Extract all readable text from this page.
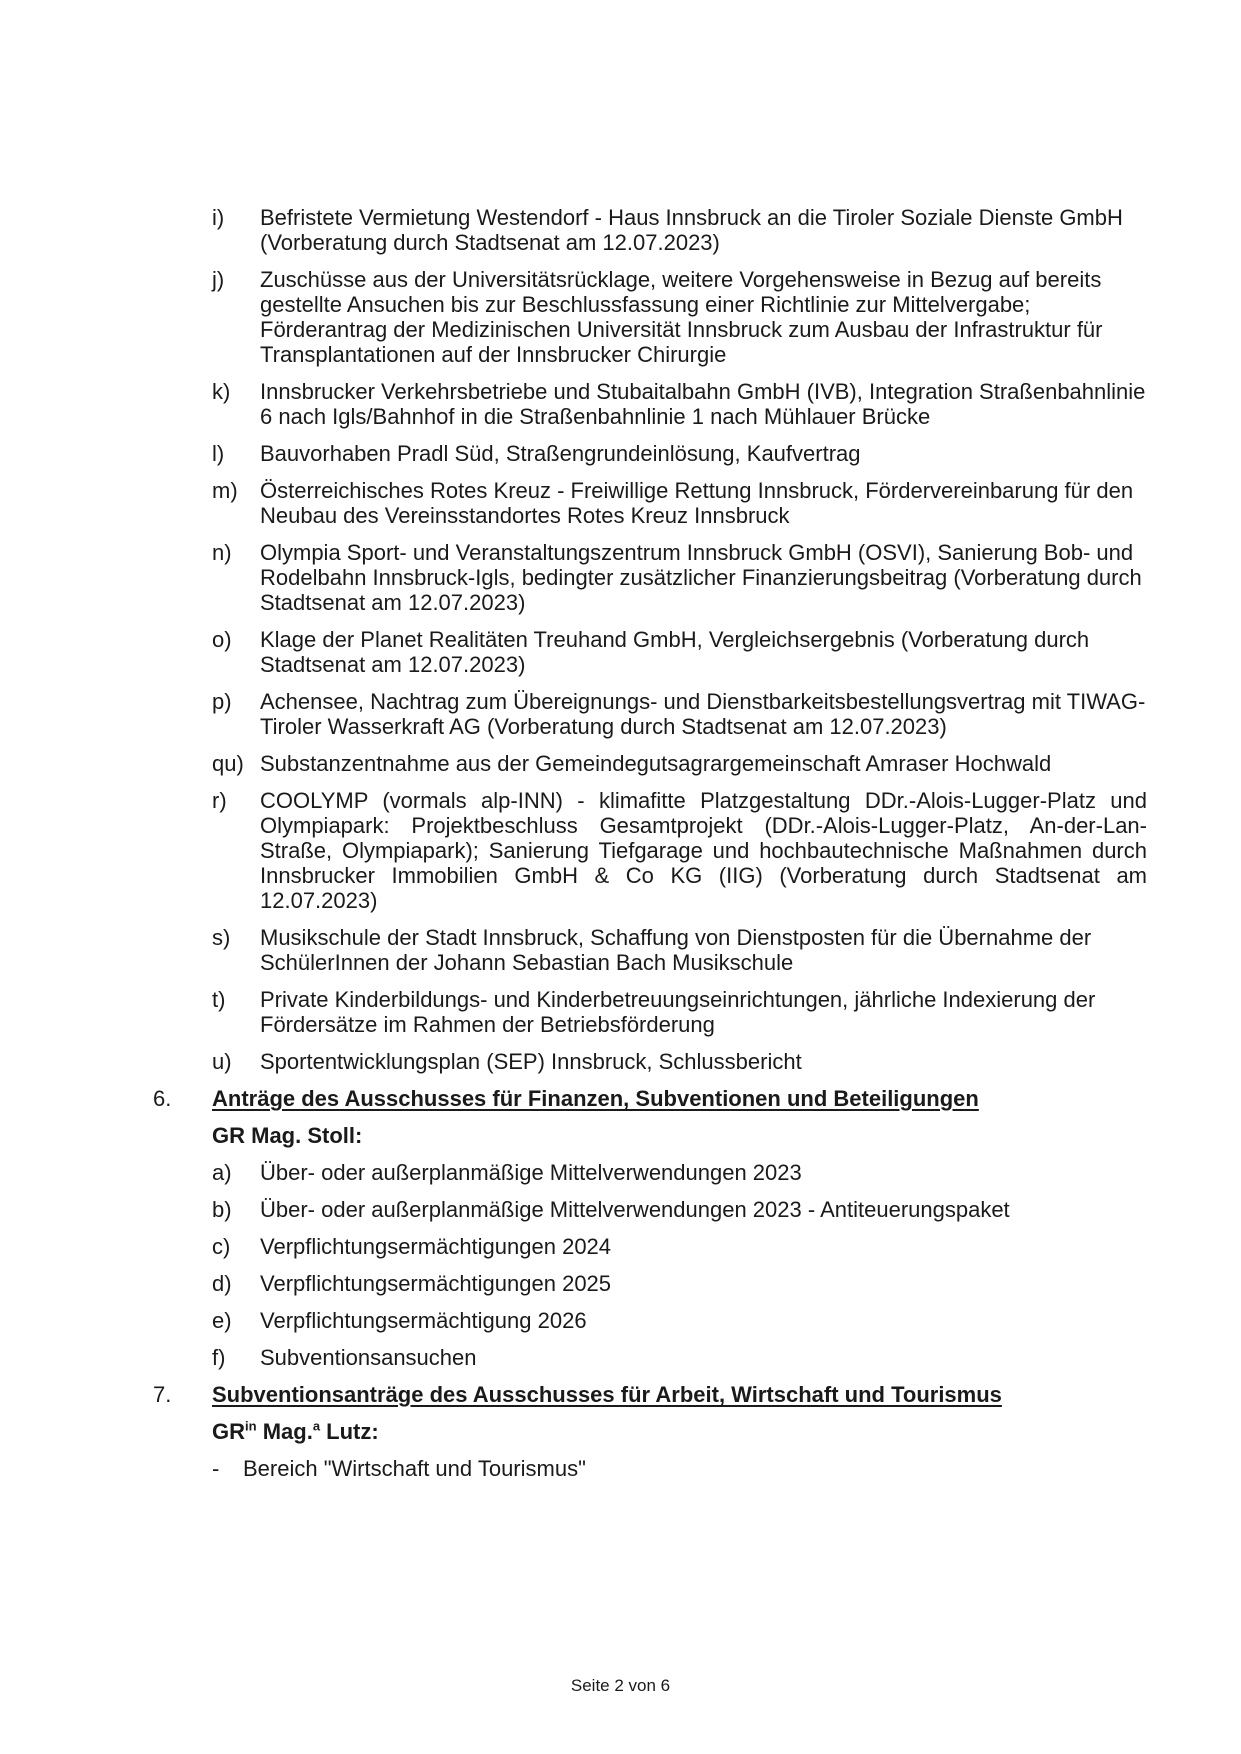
i) Befristete Vermietung Westendorf - Haus Innsbruck an die Tiroler Soziale Dienste GmbH (Vorberatung durch Stadtsenat am 12.07.2023)
j) Zuschüsse aus der Universitätsrücklage, weitere Vorgehensweise in Bezug auf bereits gestellte Ansuchen bis zur Beschlussfassung einer Richtlinie zur Mittelvergabe; Förderantrag der Medizinischen Universität Innsbruck zum Ausbau der Infrastruktur für Transplantationen auf der Innsbrucker Chirurgie
k) Innsbrucker Verkehrsbetriebe und Stubaitalbahn GmbH (IVB), Integration Straßenbahnlinie 6 nach Igls/Bahnhof in die Straßenbahnlinie 1 nach Mühlauer Brücke
l) Bauvorhaben Pradl Süd, Straßengrundeinlösung, Kaufvertrag
m) Österreichisches Rotes Kreuz - Freiwillige Rettung Innsbruck, Fördervereinbarung für den Neubau des Vereinsstandortes Rotes Kreuz Innsbruck
n) Olympia Sport- und Veranstaltungszentrum Innsbruck GmbH (OSVI), Sanierung Bob- und Rodelbahn Innsbruck-Igls, bedingter zusätzlicher Finanzierungsbeitrag (Vorberatung durch Stadtsenat am 12.07.2023)
o) Klage der Planet Realitäten Treuhand GmbH, Vergleichsergebnis (Vorberatung durch Stadtsenat am 12.07.2023)
p) Achensee, Nachtrag zum Übereignungs- und Dienstbarkeitsbestellungsvertrag mit TIWAG-Tiroler Wasserkraft AG (Vorberatung durch Stadtsenat am 12.07.2023)
qu) Substanzentnahme aus der Gemeindegutsagrargemeinschaft Amraser Hochwald
r) COOLYMP (vormals alp-INN) - klimafitte Platzgestaltung DDr.-Alois-Lugger-Platz und Olympiapark: Projektbeschluss Gesamtprojekt (DDr.-Alois-Lugger-Platz, An-der-Lan-Straße, Olympiapark); Sanierung Tiefgarage und hochbautechnische Maßnahmen durch Innsbrucker Immobilien GmbH & Co KG (IIG) (Vorberatung durch Stadtsenat am 12.07.2023)
s) Musikschule der Stadt Innsbruck, Schaffung von Dienstposten für die Übernahme der SchülerInnen der Johann Sebastian Bach Musikschule
t) Private Kinderbildungs- und Kinderbetreuungseinrichtungen, jährliche Indexierung der Fördersätze im Rahmen der Betriebsförderung
u) Sportentwicklungsplan (SEP) Innsbruck, Schlussbericht
6. Anträge des Ausschusses für Finanzen, Subventionen und Beteiligungen
GR Mag. Stoll:
a) Über- oder außerplanmäßige Mittelverwendungen 2023
b) Über- oder außerplanmäßige Mittelverwendungen 2023 - Antiteuerungspaket
c) Verpflichtungsermächtigungen 2024
d) Verpflichtungsermächtigungen 2025
e) Verpflichtungsermächtigung 2026
f) Subventionsansuchen
7. Subventionsanträge des Ausschusses für Arbeit, Wirtschaft und Tourismus
$GR^{in}$ Mag.$^a$ Lutz:
- Bereich "Wirtschaft und Tourismus"
Seite 2 von 6
